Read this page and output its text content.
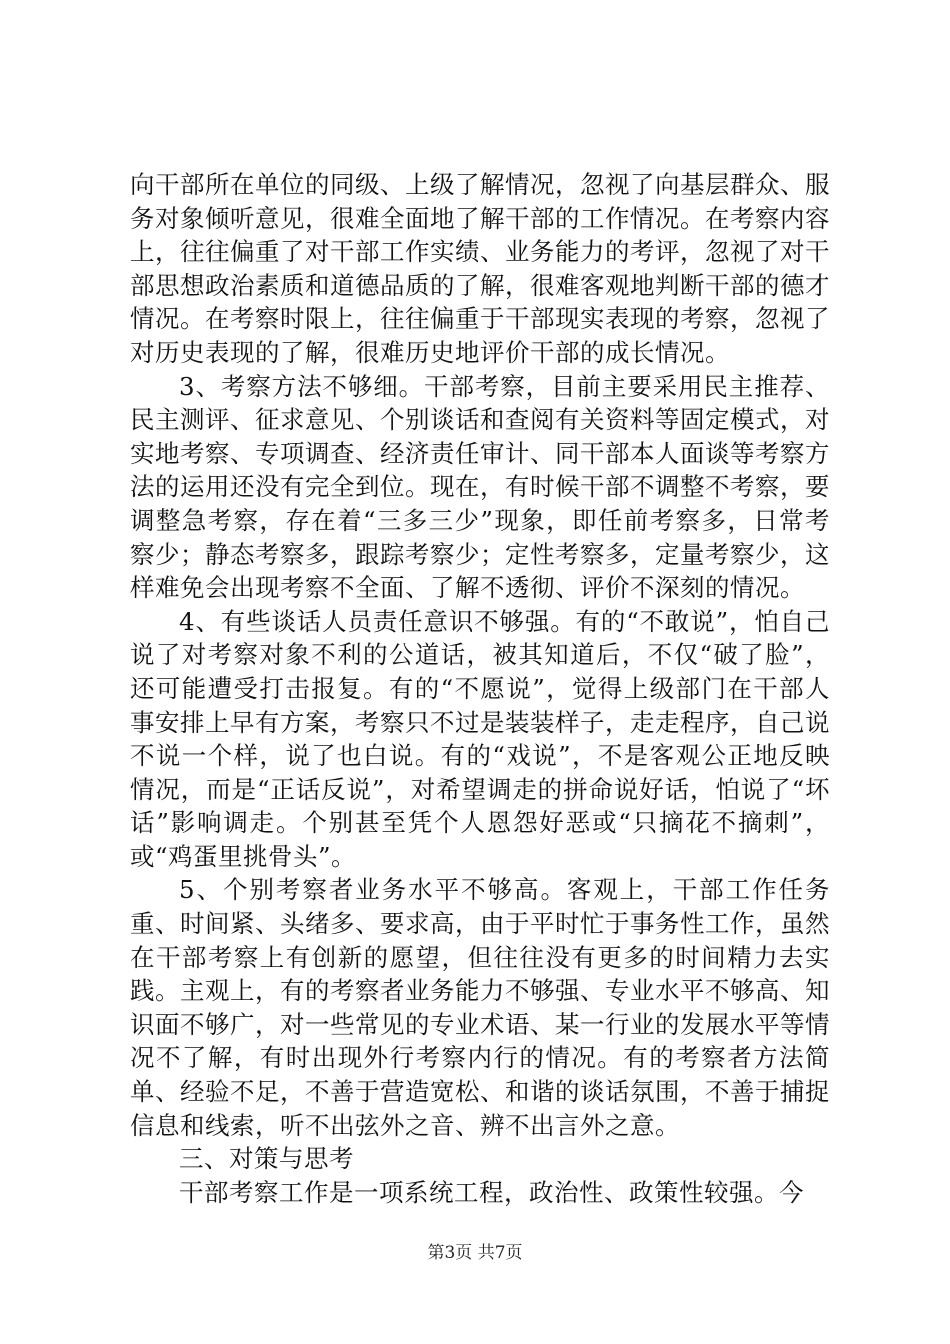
向干部所在单位的同级、上级了解情况，忽视了向基层群众、服务对象倾听意见，很难全面地了解干部的工作情况。在考察内容上，往往偏重了对干部工作实绩、业务能力的考评，忽视了对干部思想政治素质和道德品质的了解，很难客观地判断干部的德才情况。在考察时限上，往往偏重于干部现实表现的考察，忽视了对历史表现的了解，很难历史地评价干部的成长情况。

3、考察方法不够细。干部考察，目前主要采用民主推荐、民主测评、征求意见、个别谈话和查阅有关资料等固定模式，对实地考察、专项调查、经济责任审计、同干部本人面谈等考察方法的运用还没有完全到位。现在，有时候干部不调整不考察，要调整急考察，存在着“三多三少”现象，即任前考察多，日常考察少；静态考察多，跟踪考察少；定性考察多，定量考察少，这样难免会出现考察不全面、了解不透彻、评价不深刻的情况。

4、有些谈话人员责任意识不够强。有的“不敢说”，怕自己说了对考察对象不利的公道话，被其知道后，不仅“破了脸”，还可能遭受打击报复。有的“不愿说”，觉得上级部门在干部人事安排上早有方案，考察只不过是装装样子，走走程序，自己说不说一个样，说了也白说。有的“戏说”，不是客观公正地反映情况，而是“正话反说”，对希望调走的拼命说好话，怕说了“坏话”影响调走。个别甚至凭个人恩怨好恶或“只摘花不摘刺”，或“鸡蛋里挑骨头”。

5、个别考察者业务水平不够高。客观上，干部工作任务重、时间紧、头绪多、要求高，由于平时忙于事务性工作，虽然在干部考察上有创新的愿望，但往往没有更多的时间精力去实践。主观上，有的考察者业务能力不够强、专业水平不够高、知识面不够广，对一些常见的专业术语、某一行业的发展水平等情况不了解，有时出现外行考察内行的情况。有的考察者方法简单、经验不足，不善于营造宽松、和谐的谈话氛围，不善于捕捉信息和线索，听不出弦外之音、辨不出言外之意。

三、对策与思考

干部考察工作是一项系统工程，政治性、政策性较强。今

第3页 共7页
